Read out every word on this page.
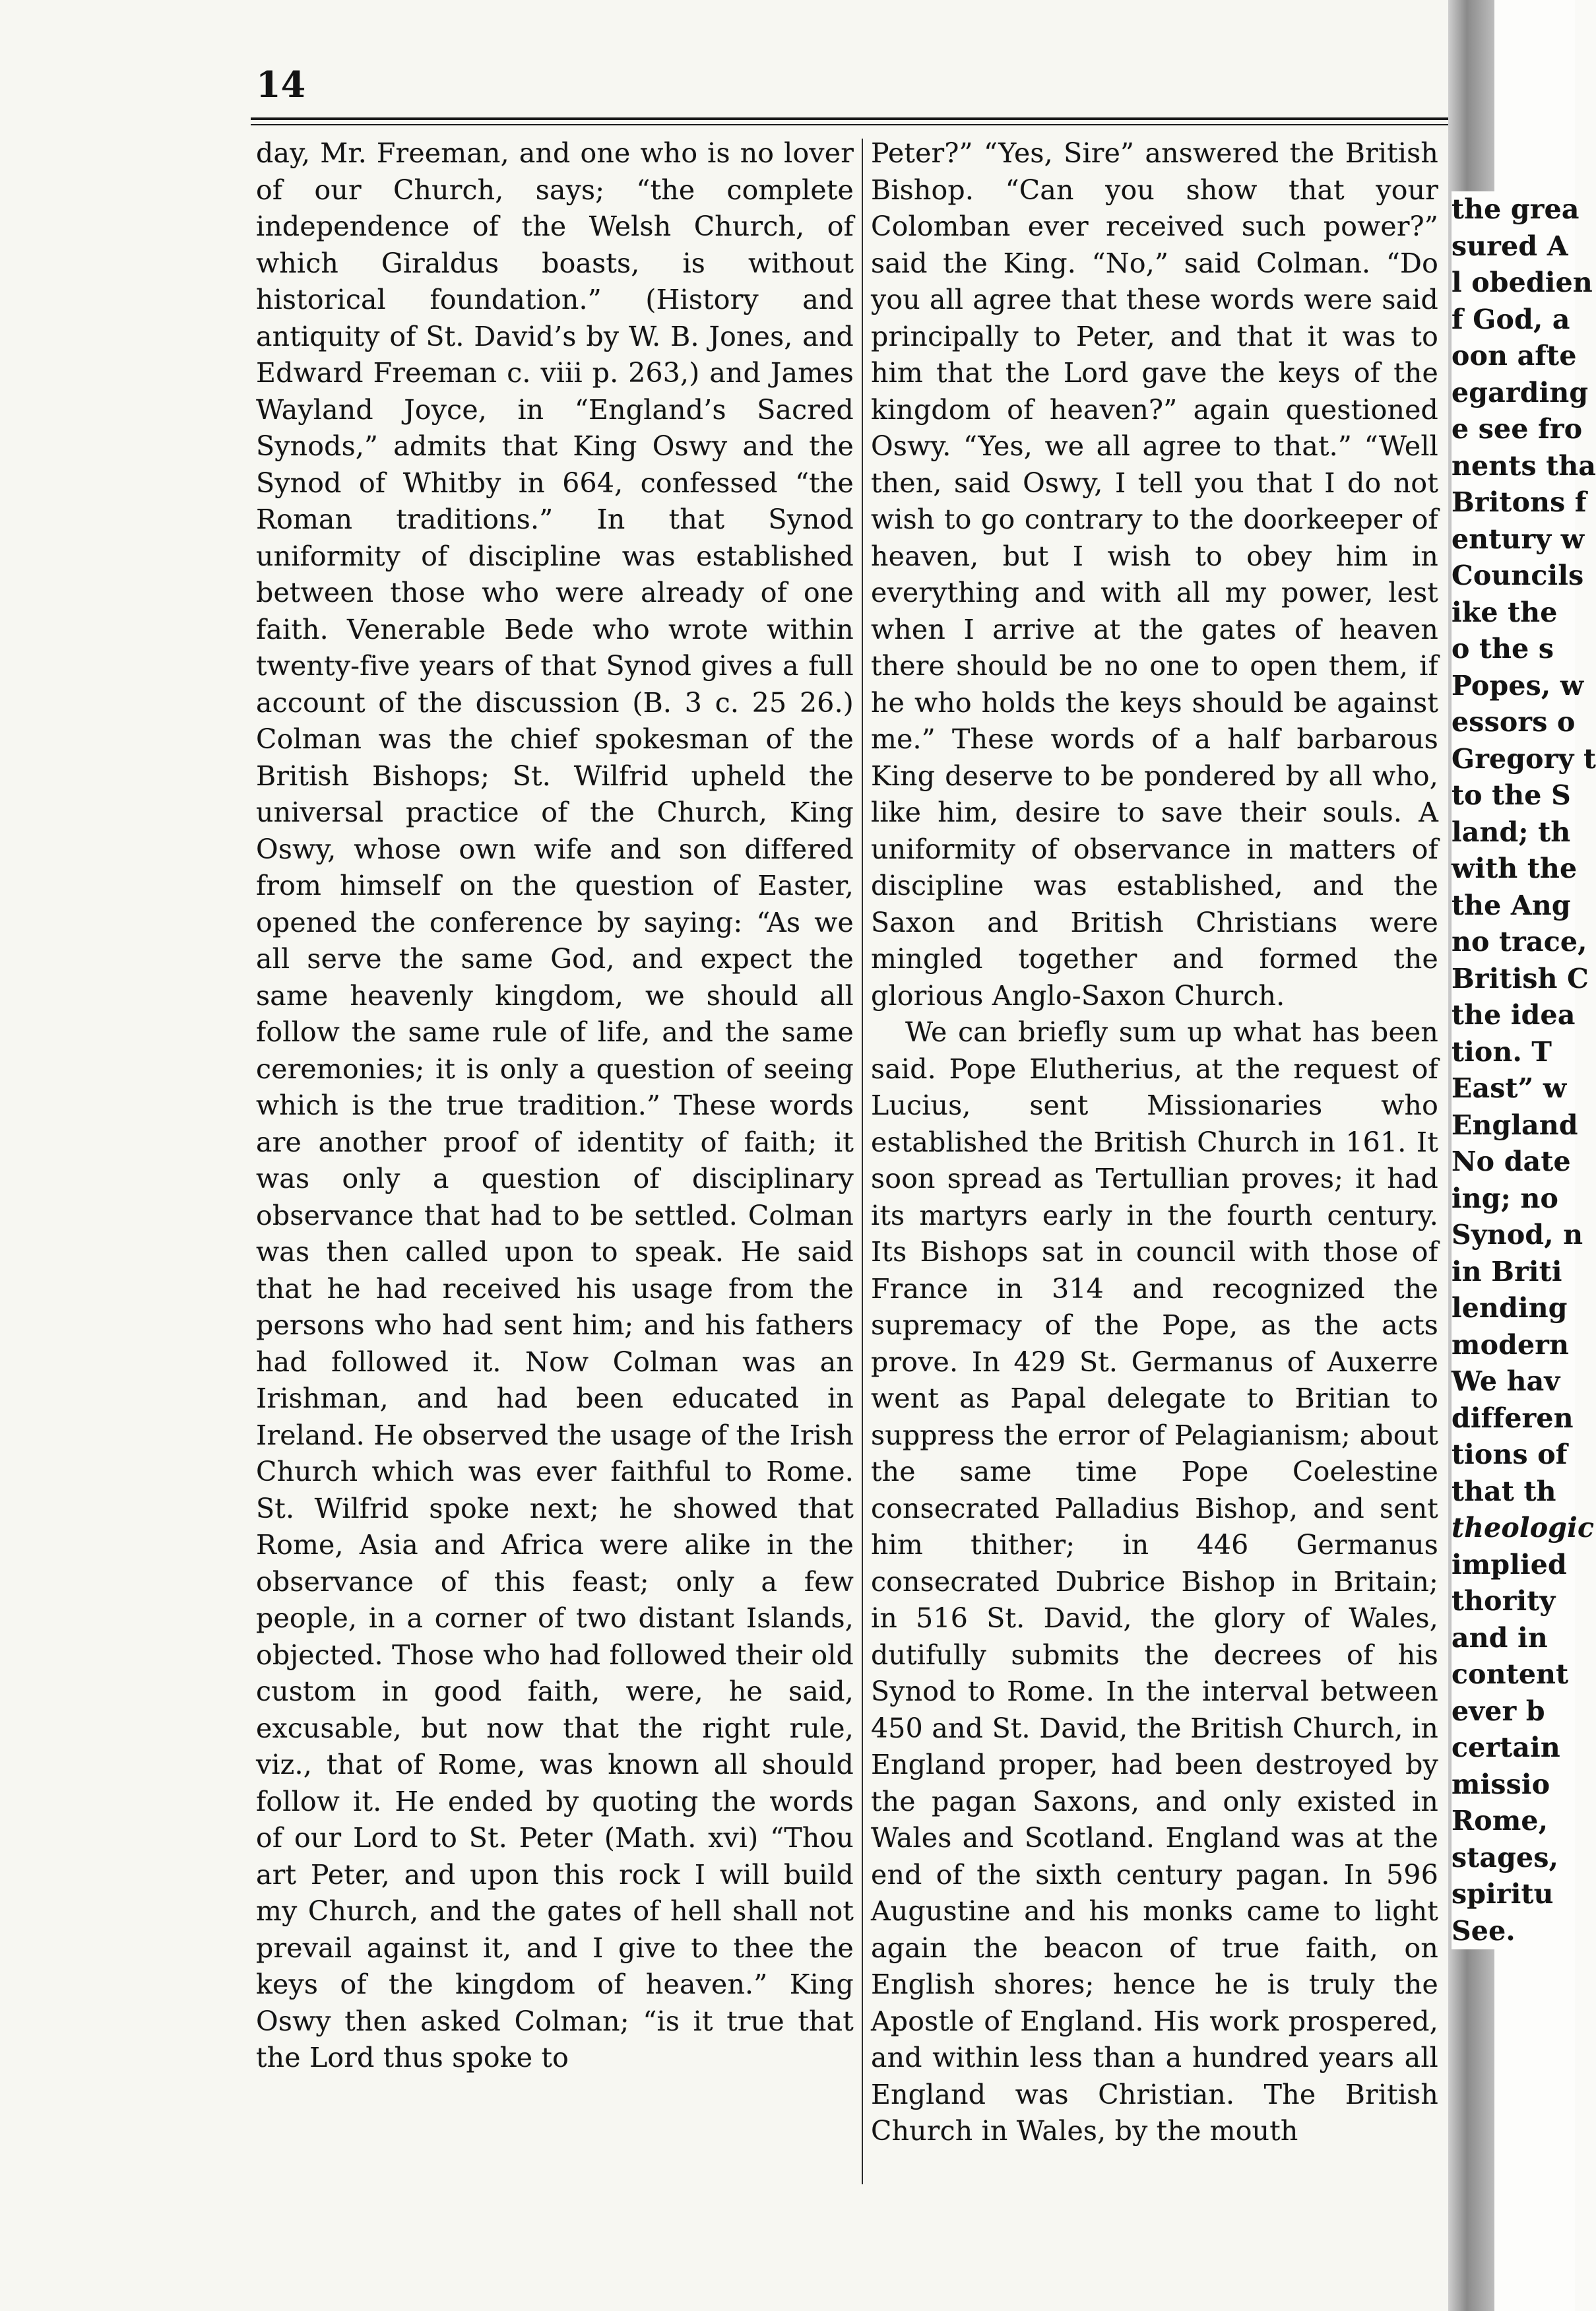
14

day, Mr. Freeman, and one who is no lover of our Church, says; “the complete independence of the Welsh Church, of which Giraldus boasts, is without historical foundation.” (History and antiquity of St. David’s by W. B. Jones, and Edward Freeman c. viii p. 263,) and James Wayland Joyce, in “England’s Sacred Synods,” admits that King Oswy and the Synod of Whitby in 664, confessed “the Roman traditions.” In that Synod uniformity of discipline was established between those who were already of one faith. Venerable Bede who wrote within twenty-five years of that Synod gives a full account of the discussion (B. 3 c. 25 26.) Colman was the chief spokesman of the British Bishops; St. Wilfrid upheld the universal practice of the Church, King Oswy, whose own wife and son differed from himself on the question of Easter, opened the conference by saying: “As we all serve the same God, and expect the same heavenly kingdom, we should all follow the same rule of life, and the same ceremonies; it is only a question of seeing which is the true tradition.” These words are another proof of identity of faith; it was only a question of disciplinary observance that had to be settled. Colman was then called upon to speak. He said that he had received his usage from the persons who had sent him; and his fathers had followed it. Now Colman was an Irishman, and had been educated in Ireland. He observed the usage of the Irish Church which was ever faithful to Rome. St. Wilfrid spoke next; he showed that Rome, Asia and Africa were alike in the observance of this feast; only a few people, in a corner of two distant Islands, objected. Those who had followed their old custom in good faith, were, he said, excusable, but now that the right rule, viz., that of Rome, was known all should follow it. He ended by quoting the words of our Lord to St. Peter (Math. xvi) “Thou art Peter, and upon this rock I will build my Church, and the gates of hell shall not prevail against it, and I give to thee the keys of the kingdom of heaven.” King Oswy then asked Colman; “is it true that the Lord thus spoke to

Peter?” “Yes, Sire” answered the British Bishop. “Can you show that your Colomban ever received such power?” said the King. “No,” said Colman. “Do you all agree that these words were said principally to Peter, and that it was to him that the Lord gave the keys of the kingdom of heaven?” again questioned Oswy. “Yes, we all agree to that.” “Well then, said Oswy, I tell you that I do not wish to go contrary to the doorkeeper of heaven, but I wish to obey him in everything and with all my power, lest when I arrive at the gates of heaven there should be no one to open them, if he who holds the keys should be against me.” These words of a half barbarous King deserve to be pondered by all who, like him, desire to save their souls. A uniformity of observance in matters of discipline was established, and the Saxon and British Christians were mingled together and formed the glorious Anglo-Saxon Church.

We can briefly sum up what has been said. Pope Elutherius, at the request of Lucius, sent Missionaries who established the British Church in 161. It soon spread as Tertullian proves; it had its martyrs early in the fourth century. Its Bishops sat in council with those of France in 314 and recognized the supremacy of the Pope, as the acts prove. In 429 St. Germanus of Auxerre went as Papal delegate to Britian to suppress the error of Pelagianism; about the same time Pope Coelestine consecrated Palladius Bishop, and sent him thither; in 446 Germanus consecrated Dubrice Bishop in Britain; in 516 St. David, the glory of Wales, dutifully submits the decrees of his Synod to Rome. In the interval between 450 and St. David, the British Church, in England proper, had been destroyed by the pagan Saxons, and only existed in Wales and Scotland. England was at the end of the sixth century pagan. In 596 Augustine and his monks came to light again the beacon of true faith, on English shores; hence he is truly the Apostle of England. His work prospered, and within less than a hundred years all England was Christian. The British Church in Wales, by the mouth

the grea
sured A
l obedien
f God, a
oon afte
egarding
e see fro
nents tha
Britons f
entury w
Councils
ike the
o the s
Popes, w
essors o
Gregory t
to the S
land; th
with the
the Ang
no trace,
British C
the idea
tion. T
East” w
England
No date
ing; no
Synod, n
in Briti
lending
modern
We hav
differen
tions of
that th
theologic
implied
thority
and in
content
ever b
certain
missio
Rome,
stages,
spiritu
See.
